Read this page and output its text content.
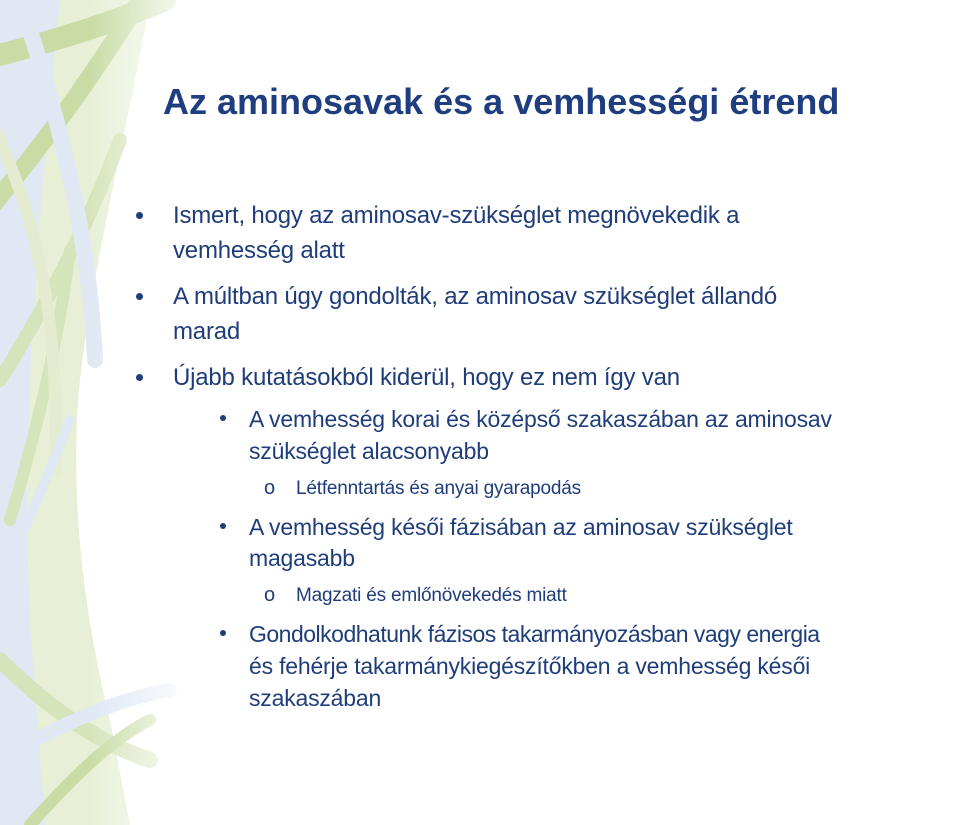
Az aminosavak és a vemhességi étrend

Ismert, hogy az aminosav-szükséglet megnövekedik a

vemhesség alatt

A múltban úgy gondolták, az aminosav szükséglet állandó

marad

Újabb kutatásokból kiderül, hogy ez nem így van

A vemhesség korai és középső szakaszában az aminosav

szükséglet alacsonyabb

o Létfenntartás és anyai gyarapodás

A vemhesség késői fázisában az aminosav szükséglet

magasabb

o Magzati és emlőnövekedés miatt

Gondolkodhatunk fázisos takarmányozásban vagy energia

és fehérje takarmánykiegészítőkben a vemhesség késői

szakaszában
